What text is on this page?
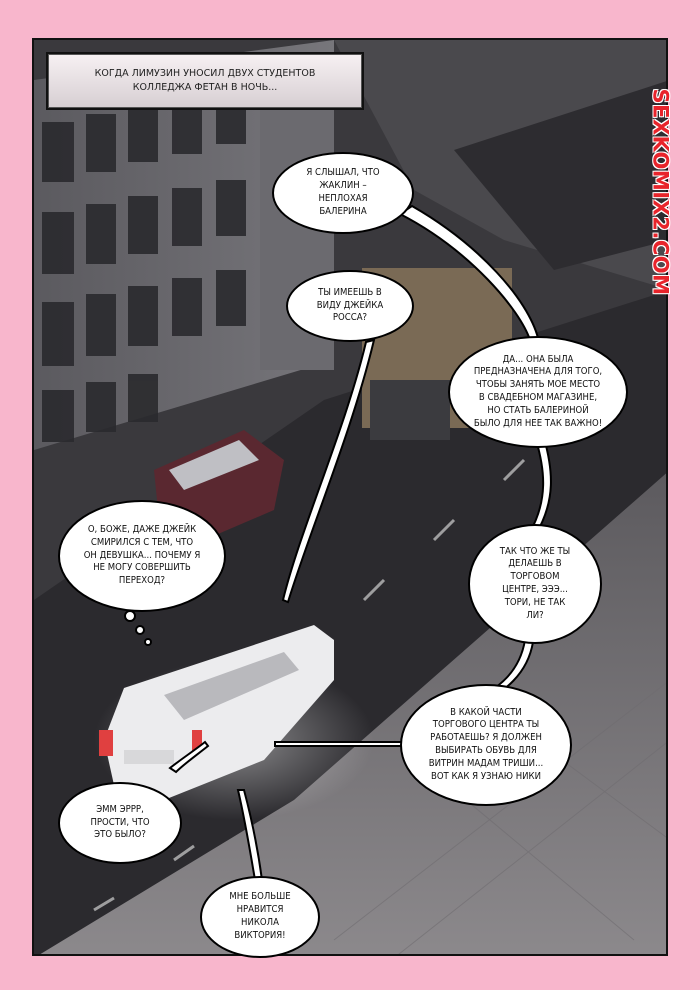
КОГДА ЛИМУЗИН УНОСИЛ ДВУХ СТУДЕНТОВ
КОЛЛЕДЖА ФЕТАН В НОЧЬ...
SEXKOMIX2.COM
Я СЛЫШАЛ, ЧТО
ЖАКЛИН –
НЕПЛОХАЯ
БАЛЕРИНА
ТЫ ИМЕЕШЬ В
ВИДУ ДЖЕЙКА
РОССА?
ДА... ОНА БЫЛА
ПРЕДНАЗНАЧЕНА ДЛЯ ТОГО,
ЧТОБЫ ЗАНЯТЬ МОЕ МЕСТО
В СВАДЕБНОМ МАГАЗИНЕ,
НО СТАТЬ БАЛЕРИНОЙ
БЫЛО ДЛЯ НЕЕ ТАК ВАЖНО!
О, БОЖЕ, ДАЖЕ ДЖЕЙК
СМИРИЛСЯ С ТЕМ, ЧТО
ОН ДЕВУШКА... ПОЧЕМУ Я
НЕ МОГУ СОВЕРШИТЬ
ПЕРЕХОД?
ТАК ЧТО ЖЕ ТЫ
ДЕЛАЕШЬ В
ТОРГОВОМ
ЦЕНТРЕ, ЭЭЭ...
ТОРИ, НЕ ТАК
ЛИ?
В КАКОЙ ЧАСТИ
ТОРГОВОГО ЦЕНТРА ТЫ
РАБОТАЕШЬ? Я ДОЛЖЕН
ВЫБИРАТЬ ОБУВЬ ДЛЯ
ВИТРИН МАДАМ ТРИШИ...
ВОТ КАК Я УЗНАЮ НИКИ
ЭММ ЭРРР,
ПРОСТИ, ЧТО
ЭТО БЫЛО?
МНЕ БОЛЬШЕ
НРАВИТСЯ
НИКОЛА
ВИКТОРИЯ!
